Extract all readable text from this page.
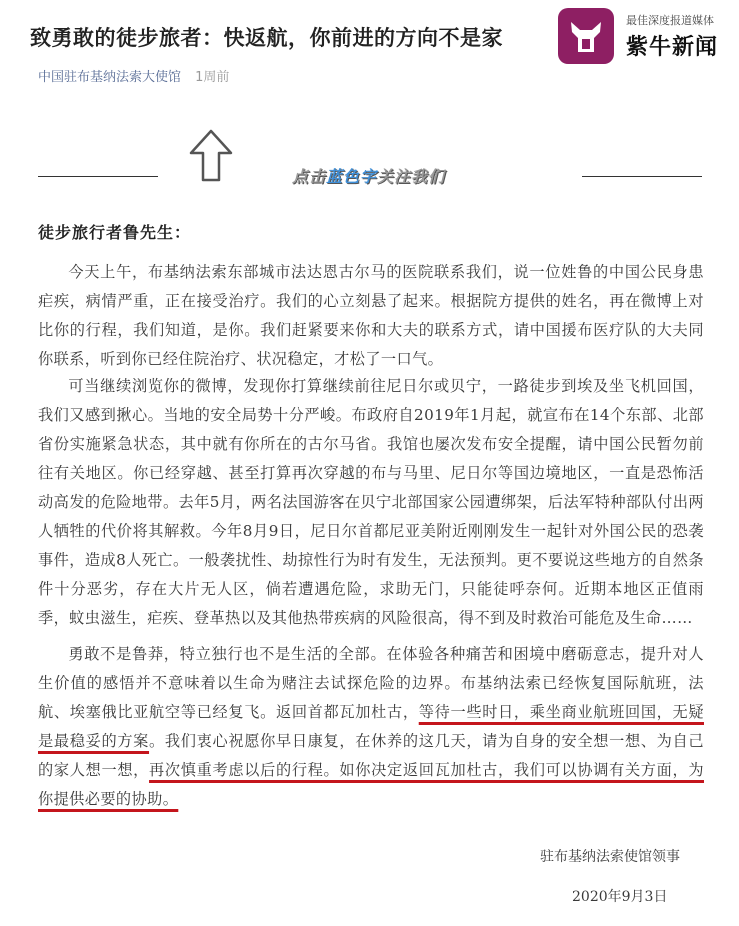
致勇敢的徒步旅者：快返航，你前进的方向不是家
中国驻布基纳法索大使馆 1周前
最佳深度报道媒体
紫牛新闻
点击蓝色字关注我们
徒步旅行者鲁先生：

今天上午，布基纳法索东部城市法达恩古尔马的医院联系我们，说一位姓鲁的中国公民身患疟疾，病情严重，正在接受治疗。我们的心立刻悬了起来。根据院方提供的姓名，再在微博上对比你的行程，我们知道，是你。我们赶紧要来你和大夫的联系方式，请中国援布医疗队的大夫同你联系，听到你已经住院治疗、状况稳定，才松了一口气。

可当继续浏览你的微博，发现你打算继续前往尼日尔或贝宁，一路徒步到埃及坐飞机回国，我们又感到揪心。当地的安全局势十分严峻。布政府自2019年1月起，就宣布在14个东部、北部省份实施紧急状态，其中就有你所在的古尔马省。我馆也屡次发布安全提醒，请中国公民暂勿前往有关地区。你已经穿越、甚至打算再次穿越的布与马里、尼日尔等国边境地区，一直是恐怖活动高发的危险地带。去年5月，两名法国游客在贝宁北部国家公园遭绑架，后法军特种部队付出两人牺牲的代价将其解救。今年8月9日，尼日尔首都尼亚美附近刚刚发生一起针对外国公民的恐袭事件，造成8人死亡。一般袭扰性、劫掠性行为时有发生，无法预判。更不要说这些地方的自然条件十分恶劣，存在大片无人区，倘若遭遇危险，求助无门，只能徒呼奈何。近期本地区正值雨季，蚊虫滋生，疟疾、登革热以及其他热带疾病的风险很高，得不到及时救治可能危及生命……

勇敢不是鲁莽，特立独行也不是生活的全部。在体验各种痛苦和困境中磨砺意志，提升对人生价值的感悟并不意味着以生命为赌注去试探危险的边界。布基纳法索已经恢复国际航班，法航、埃塞俄比亚航空等已经复飞。返回首都瓦加杜古，等待一些时日，乘坐商业航班回国，无疑是最稳妥的方案。我们衷心祝愿你早日康复，在休养的这几天，请为自身的安全想一想、为自己的家人想一想，再次慎重考虑以后的行程。如你决定返回瓦加杜古，我们可以协调有关方面，为你提供必要的协助。

驻布基纳法索使馆领事
2020年9月3日
